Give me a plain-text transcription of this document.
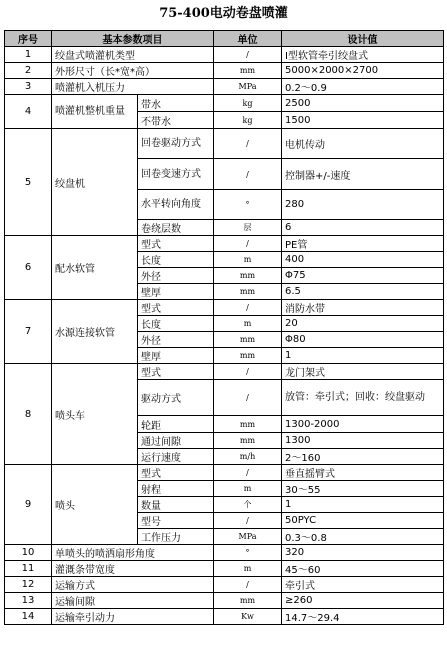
75-400电动卷盘喷灌
序号	基本参数项目		单位	设计值
1	绞盘式喷灌机类型		/	Ⅰ型软管牵引绞盘式
2	外形尺寸（长*宽*高）		mm	5000×2000×2700
3	喷灌机入机压力		MPa	0.2～0.9
4	喷灌机整机重量	带水	kg	2500
		不带水	kg	1500
5	绞盘机	回卷驱动方式	/	电机传动
		回卷变速方式	/	控制器+/-速度
		水平转向角度	°	280
		卷绕层数	层	6
6	配水软管	型式	/	PE管
		长度	m	400
		外径	mm	Φ75
		壁厚	mm	6.5
7	水源连接软管	型式	/	消防水带
		长度	m	20
		外径	mm	Φ80
		壁厚	mm	1
8	喷头车	型式	/	龙门架式
		驱动方式	/	放管：牵引式；回收：绞盘驱动
		轮距	mm	1300-2000
		通过间隙	mm	1300
		运行速度	m/h	2～160
9	喷头	型式	/	垂直摇臂式
		射程	m	30～55
		数量	个	1
		型号	/	50PYC
		工作压力	MPa	0.3～0.8
10	单喷头的喷洒扇形角度		°	320
11	灌溉条带宽度		m	45～60
12	运输方式		/	牵引式
13	运输间隙		mm	≥260
14	运输牵引动力		Kw	14.7～29.4
